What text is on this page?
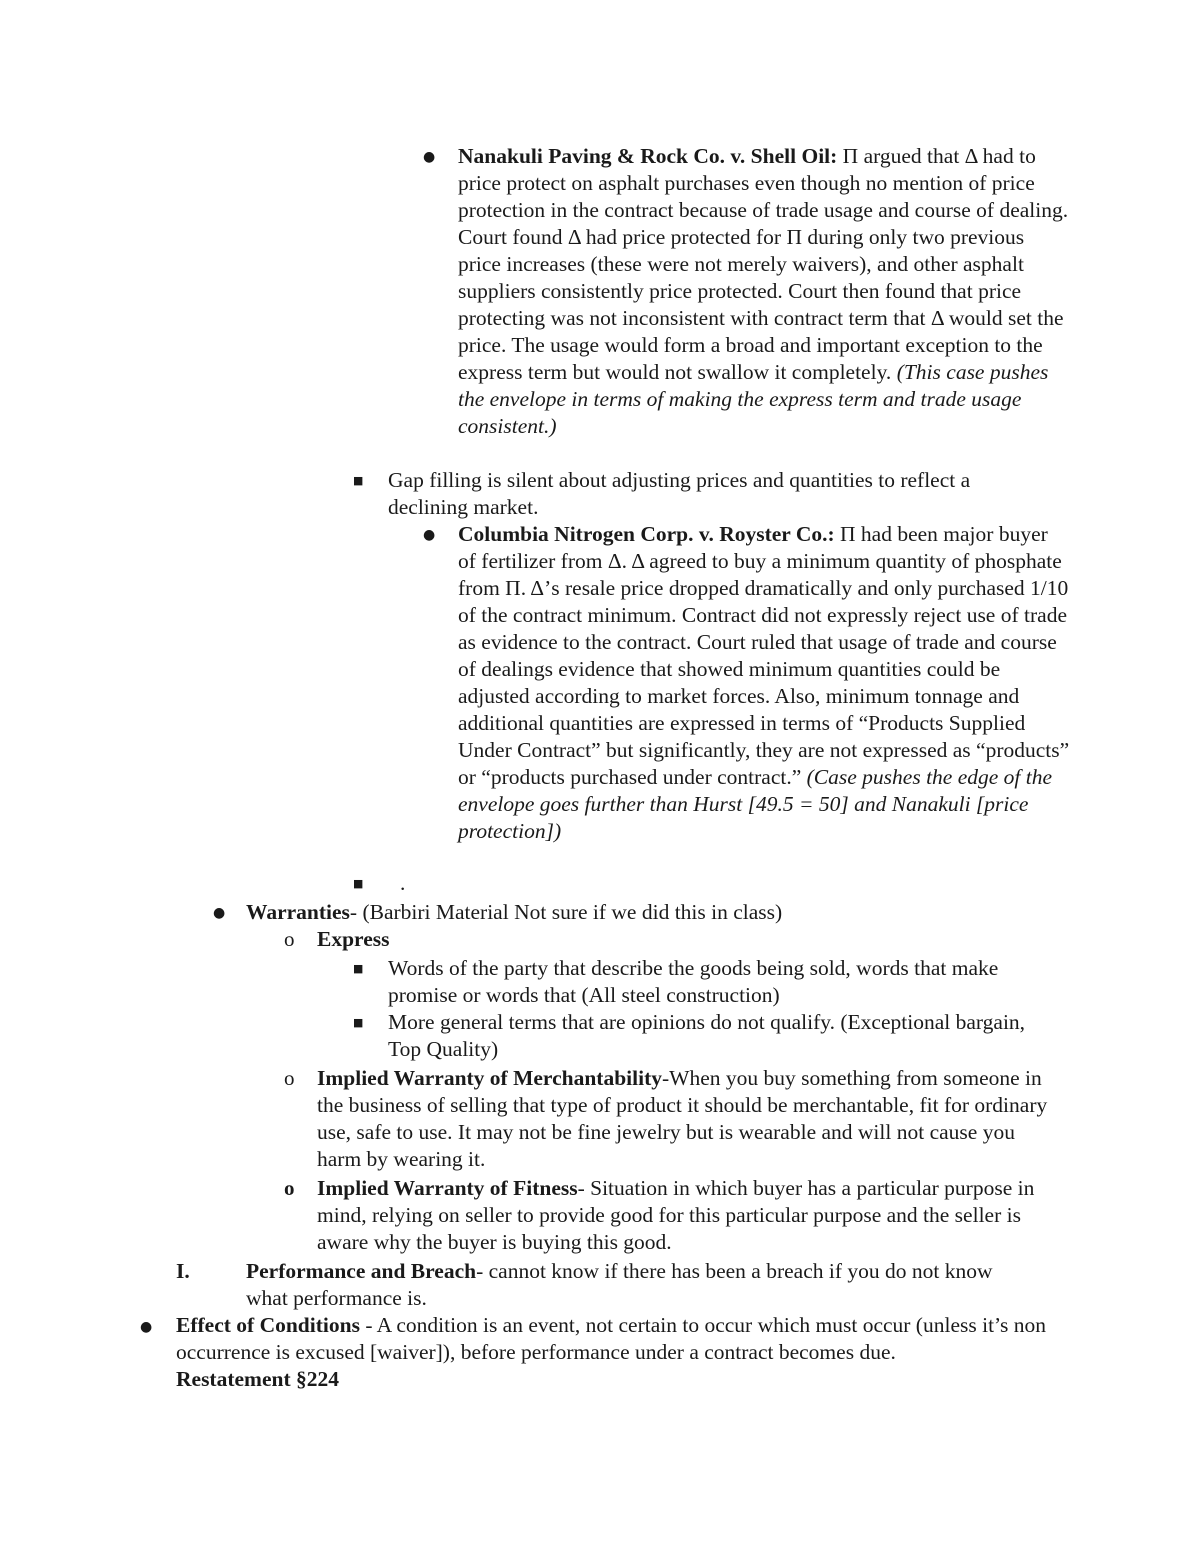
● Nanakuli Paving & Rock Co. v. Shell Oil: Π argued that Δ had to price protect on asphalt purchases even though no mention of price protection in the contract because of trade usage and course of dealing. Court found Δ had price protected for Π during only two previous price increases (these were not merely waivers), and other asphalt suppliers consistently price protected. Court then found that price protecting was not inconsistent with contract term that Δ would set the price. The usage would form a broad and important exception to the express term but would not swallow it completely. (This case pushes the envelope in terms of making the express term and trade usage consistent.)
■ Gap filling is silent about adjusting prices and quantities to reflect a declining market.
● Columbia Nitrogen Corp. v. Royster Co.: Π had been major buyer of fertilizer from Δ. Δ agreed to buy a minimum quantity of phosphate from Π. Δ’s resale price dropped dramatically and only purchased 1/10 of the contract minimum. Contract did not expressly reject use of trade as evidence to the contract. Court ruled that usage of trade and course of dealings evidence that showed minimum quantities could be adjusted according to market forces. Also, minimum tonnage and additional quantities are expressed in terms of “Products Supplied Under Contract” but significantly, they are not expressed as “products” or “products purchased under contract.” (Case pushes the edge of the envelope goes further than Hurst [49.5 = 50] and Nanakuli [price protection])
■ .
● Warranties- (Barbiri Material Not sure if we did this in class)
o Express
■ Words of the party that describe the goods being sold, words that make promise or words that (All steel construction)
■ More general terms that are opinions do not qualify. (Exceptional bargain, Top Quality)
o Implied Warranty of Merchantability-When you buy something from someone in the business of selling that type of product it should be merchantable, fit for ordinary use, safe to use. It may not be fine jewelry but is wearable and will not cause you harm by wearing it.
o Implied Warranty of Fitness- Situation in which buyer has a particular purpose in mind, relying on seller to provide good for this particular purpose and the seller is aware why the buyer is buying this good.
I.	Performance and Breach- cannot know if there has been a breach if you do not know what performance is.
● Effect of Conditions - A condition is an event, not certain to occur which must occur (unless it’s non occurrence is excused [waiver]), before performance under a contract becomes due.
Restatement §224
